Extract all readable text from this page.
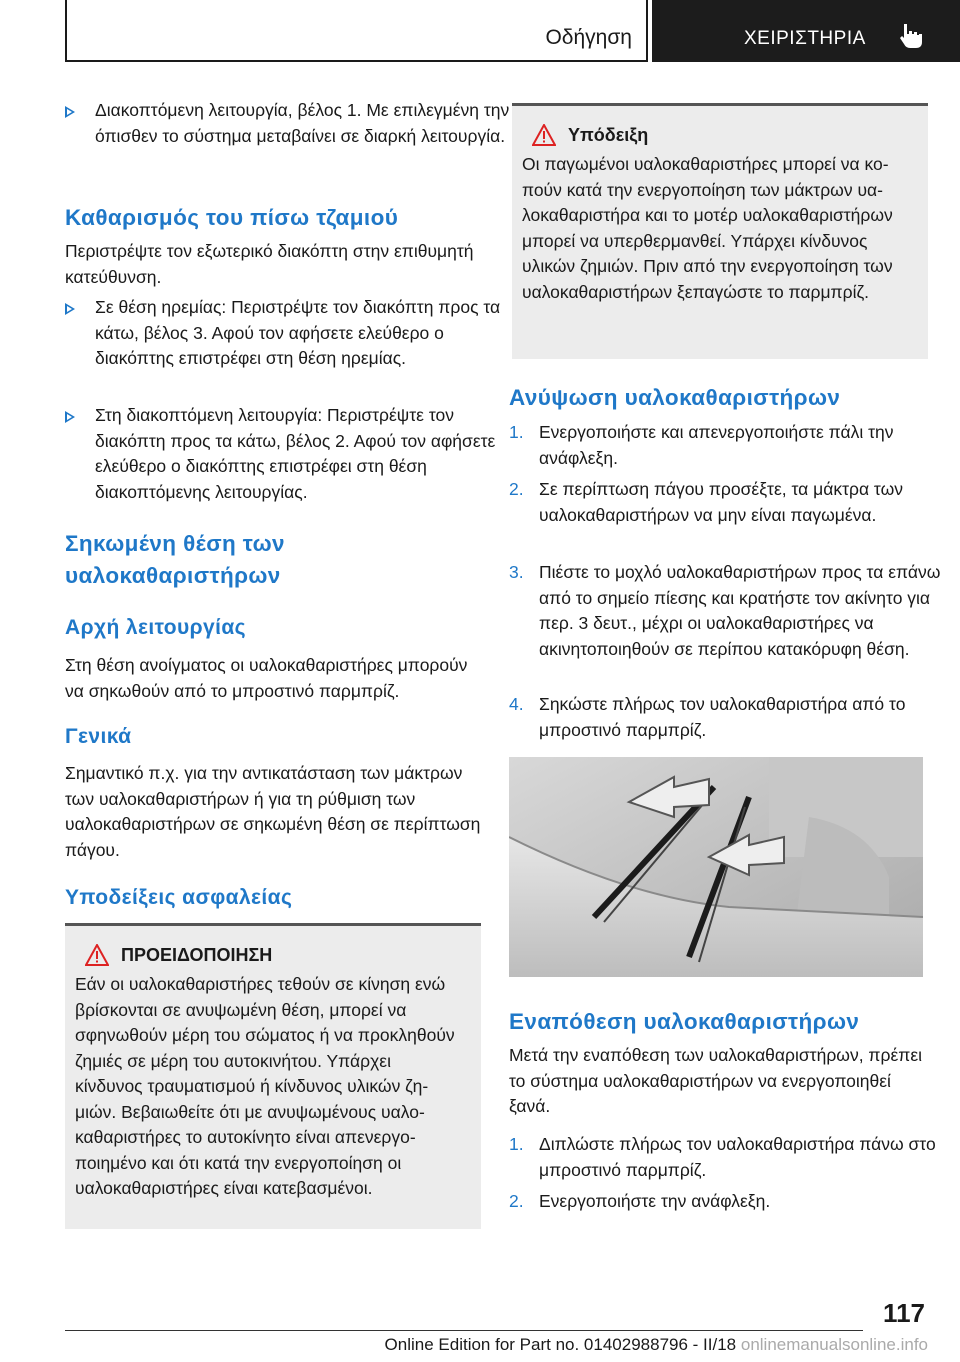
Οδήγηση	ΧΕΙΡΙΣΤΗΡΙΑ
Διακοπτόμενη λειτουργία, βέλος 1. Με επιλεγμένη την όπισθεν το σύστημα μεταβαίνει σε διαρκή λειτουργία.
Καθαρισμός του πίσω τζαμιού

Περιστρέψτε τον εξωτερικό διακόπτη στην επιθυμητή κατεύθυνση.

Σε θέση ηρεμίας: Περιστρέψτε τον διακόπτη προς τα κάτω, βέλος 3. Αφού τον αφήσετε ελεύθερο ο διακόπτης επιστρέφει στη θέση ηρεμίας.
Στη διακοπτόμενη λειτουργία: Περιστρέψτε τον διακόπτη προς τα κάτω, βέλος 2. Αφού τον αφήσετε ελεύθερο ο διακόπτης επιστρέφει στη θέση διακοπτόμενης λειτουργίας.
Σηκωμένη θέση των υαλοκαθαριστήρων
Αρχή λειτουργίας

Στη θέση ανοίγματος οι υαλοκαθαριστήρες μπορούν να σηκωθούν από το μπροστινό παρμπρίζ.

Γενικά

Σημαντικό π.χ. για την αντικατάσταση των μάκτρων των υαλοκαθαριστήρων ή για τη ρύθμιση των υαλοκαθαριστήρων σε σηκωμένη θέση σε περίπτωση πάγου.

Υποδείξεις ασφαλείας
ΠΡΟΕΙΔΟΠΟΙΗΣΗ
Εάν οι υαλοκαθαριστήρες τεθούν σε κίνηση ενώ βρίσκονται σε ανυψωμένη θέση, μπορεί να σφηνωθούν μέρη του σώματος ή να προκληθούν ζημιές σε μέρη του αυτοκινήτου. Υπάρχει κίνδυνος τραυματισμού ή κίνδυνος υλικών ζημιών. Βεβαιωθείτε ότι με ανυψωμένους υαλοκαθαριστήρες το αυτοκίνητο είναι απενεργοποιημένο και ότι κατά την ενεργοποίηση οι υαλοκαθαριστήρες είναι κατεβασμένοι.
Υπόδειξη
Οι παγωμένοι υαλοκαθαριστήρες μπορεί να κοπούν κατά την ενεργοποίηση των μάκτρων υαλοκαθαριστήρα και το μοτέρ υαλοκαθαριστήρων μπορεί να υπερθερμανθεί. Υπάρχει κίνδυνος υλικών ζημιών. Πριν από την ενεργοποίηση των υαλοκαθαριστήρων ξεπαγώστε το παρμπρίζ.
Ανύψωση υαλοκαθαριστήρων
1. Ενεργοποιήστε και απενεργοποιήστε πάλι την ανάφλεξη.
2. Σε περίπτωση πάγου προσέξτε, τα μάκτρα των υαλοκαθαριστήρων να μην είναι παγωμένα.
3. Πιέστε το μοχλό υαλοκαθαριστήρων προς τα επάνω από το σημείο πίεσης και κρατήστε τον ακίνητο για περ. 3 δευτ., μέχρι οι υαλοκαθαριστήρες να ακινητοποιηθούν σε περίπου κατακόρυφη θέση.
4. Σηκώστε πλήρως τον υαλοκαθαριστήρα από το μπροστινό παρμπρίζ.
Εναπόθεση υαλοκαθαριστήρων

Μετά την εναπόθεση των υαλοκαθαριστήρων, πρέπει το σύστημα υαλοκαθαριστήρων να ενεργοποιηθεί ξανά.

1. Διπλώστε πλήρως τον υαλοκαθαριστήρα πάνω στο μπροστινό παρμπρίζ.
2. Ενεργοποιήστε την ανάφλεξη.
117
Online Edition for Part no. 01402988796 - II/18 onlinemanualsonline.info
